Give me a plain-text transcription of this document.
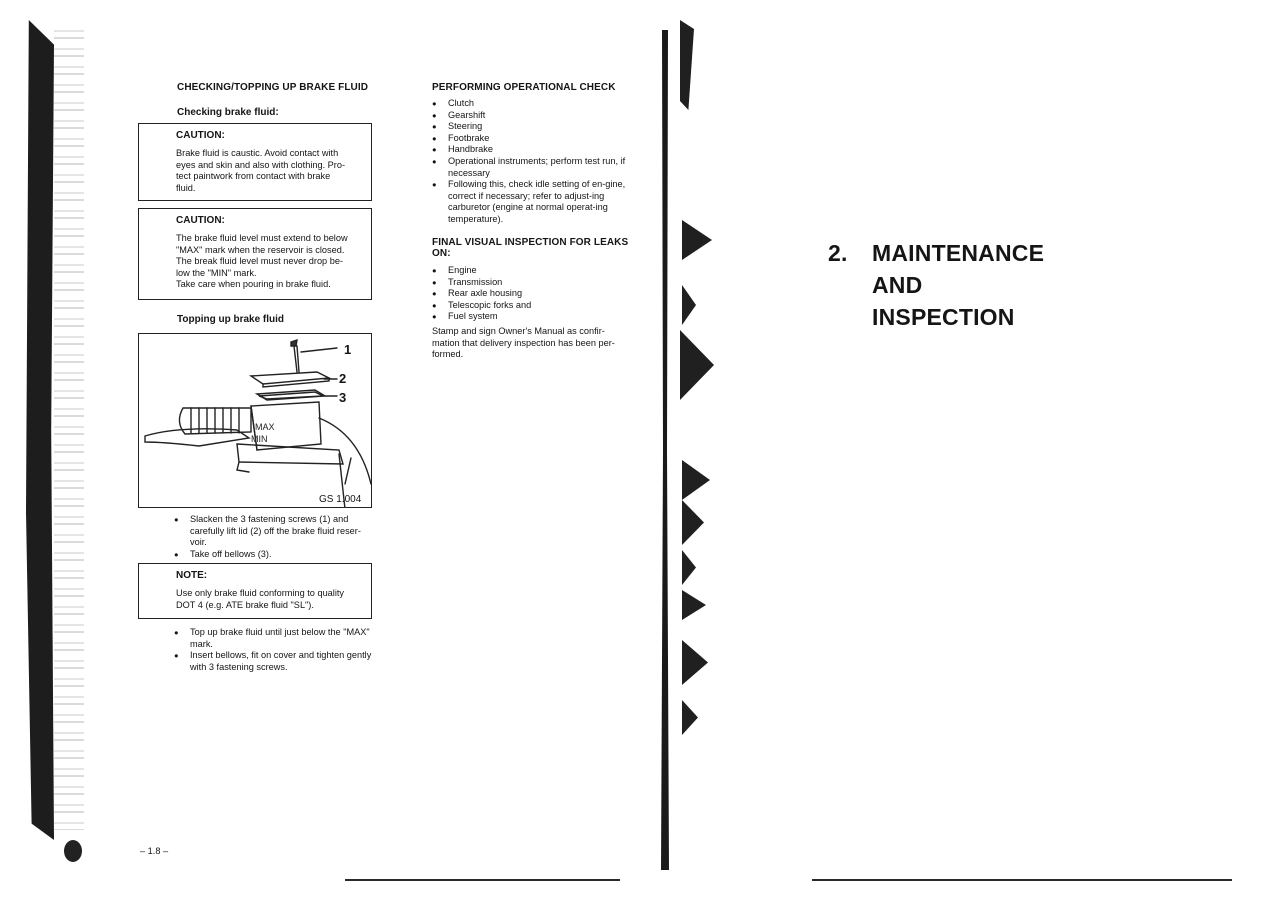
CHECKING/TOPPING UP BRAKE FLUID
Checking brake fluid:
CAUTION:
Brake fluid is caustic. Avoid contact with
eyes and skin and also with clothing. Pro-
tect paintwork from contact with brake
fluid.
CAUTION:
The brake fluid level must extend to below
"MAX" mark when the reservoir is closed.
The break fluid level must never drop be-
low the "MIN" mark.
Take care when pouring in brake fluid.
Topping up brake fluid
MAX
MIN
1
2
3
GS 1.004
● Slacken the 3 fastening screws (1) and carefully lift lid (2) off the brake fluid reser-voir.
● Take off bellows (3).
NOTE:
Use only brake fluid conforming to quality
DOT 4 (e.g. ATE brake fluid "SL").
● Top up brake fluid until just below the "MAX" mark.
● Insert bellows, fit on cover and tighten gently with 3 fastening screws.
– 1.8 –
PERFORMING OPERATIONAL CHECK
● Clutch
● Gearshift
● Steering
● Footbrake
● Handbrake
● Operational instruments; perform test run, if necessary
● Following this, check idle setting of en-gine, correct if necessary; refer to adjust-ing carburetor (engine at normal operat-ing temperature).
FINAL VISUAL INSPECTION FOR LEAKS
ON:
● Engine
● Transmission
● Rear axle housing
● Telescopic forks and
● Fuel system
Stamp and sign Owner's Manual as confir-
mation that delivery inspection has been per-
formed.
2. MAINTENANCE
AND
INSPECTION
